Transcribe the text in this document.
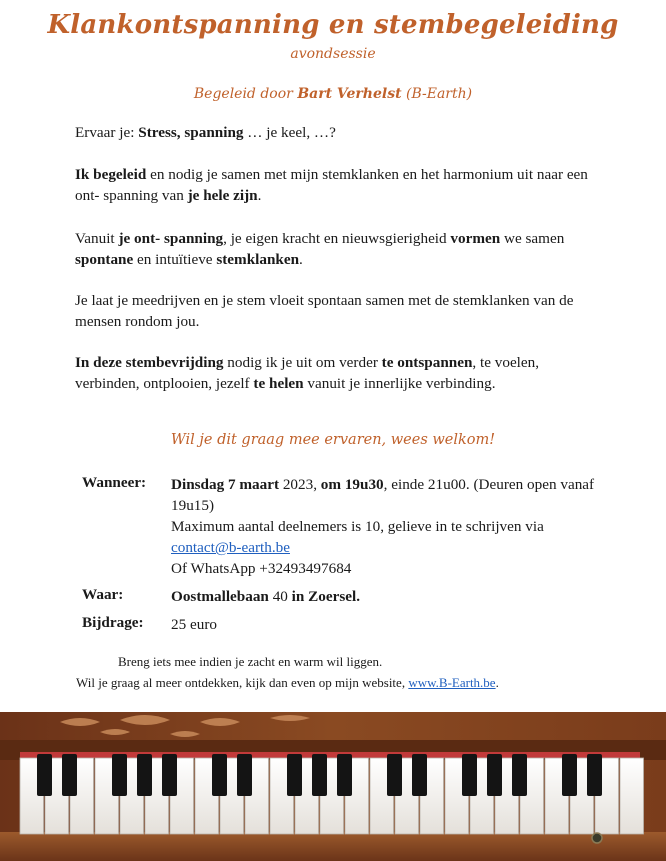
Klankontspanning en stembegeleiding
avondsessie
Begeleid door Bart Verhelst (B-Earth)
Ervaar je: Stress, spanning … je keel, …?
Ik begeleid en nodig je samen met mijn stemklanken en het harmonium uit naar een ont- spanning van je hele zijn.
Vanuit je ont- spanning, je eigen kracht en nieuwsgierigheid vormen we samen spontane en intuïtieve stemklanken.
Je laat je meedrijven en je stem vloeit spontaan samen met de stemklanken van de mensen rondom jou.
In deze stembevrijding nodig ik je uit om verder te ontspannen, te voelen, verbinden, ontplooien, jezelf te helen vanuit je innerlijke verbinding.
Wil je dit graag mee ervaren, wees welkom!
Wanneer: Dinsdag 7 maart 2023, om 19u30, einde 21u00. (Deuren open vanaf 19u15)
Maximum aantal deelnemers is 10, gelieve in te schrijven via
contact@b-earth.be
Of WhatsApp +32493497684
Waar:	Oostmallebaan 40 in Zoersel.
Bijdrage: 25 euro
Breng iets mee indien je zacht en warm wil liggen.
Wil je graag al meer ontdekken, kijk dan even op mijn website, www.B-Earth.be.
